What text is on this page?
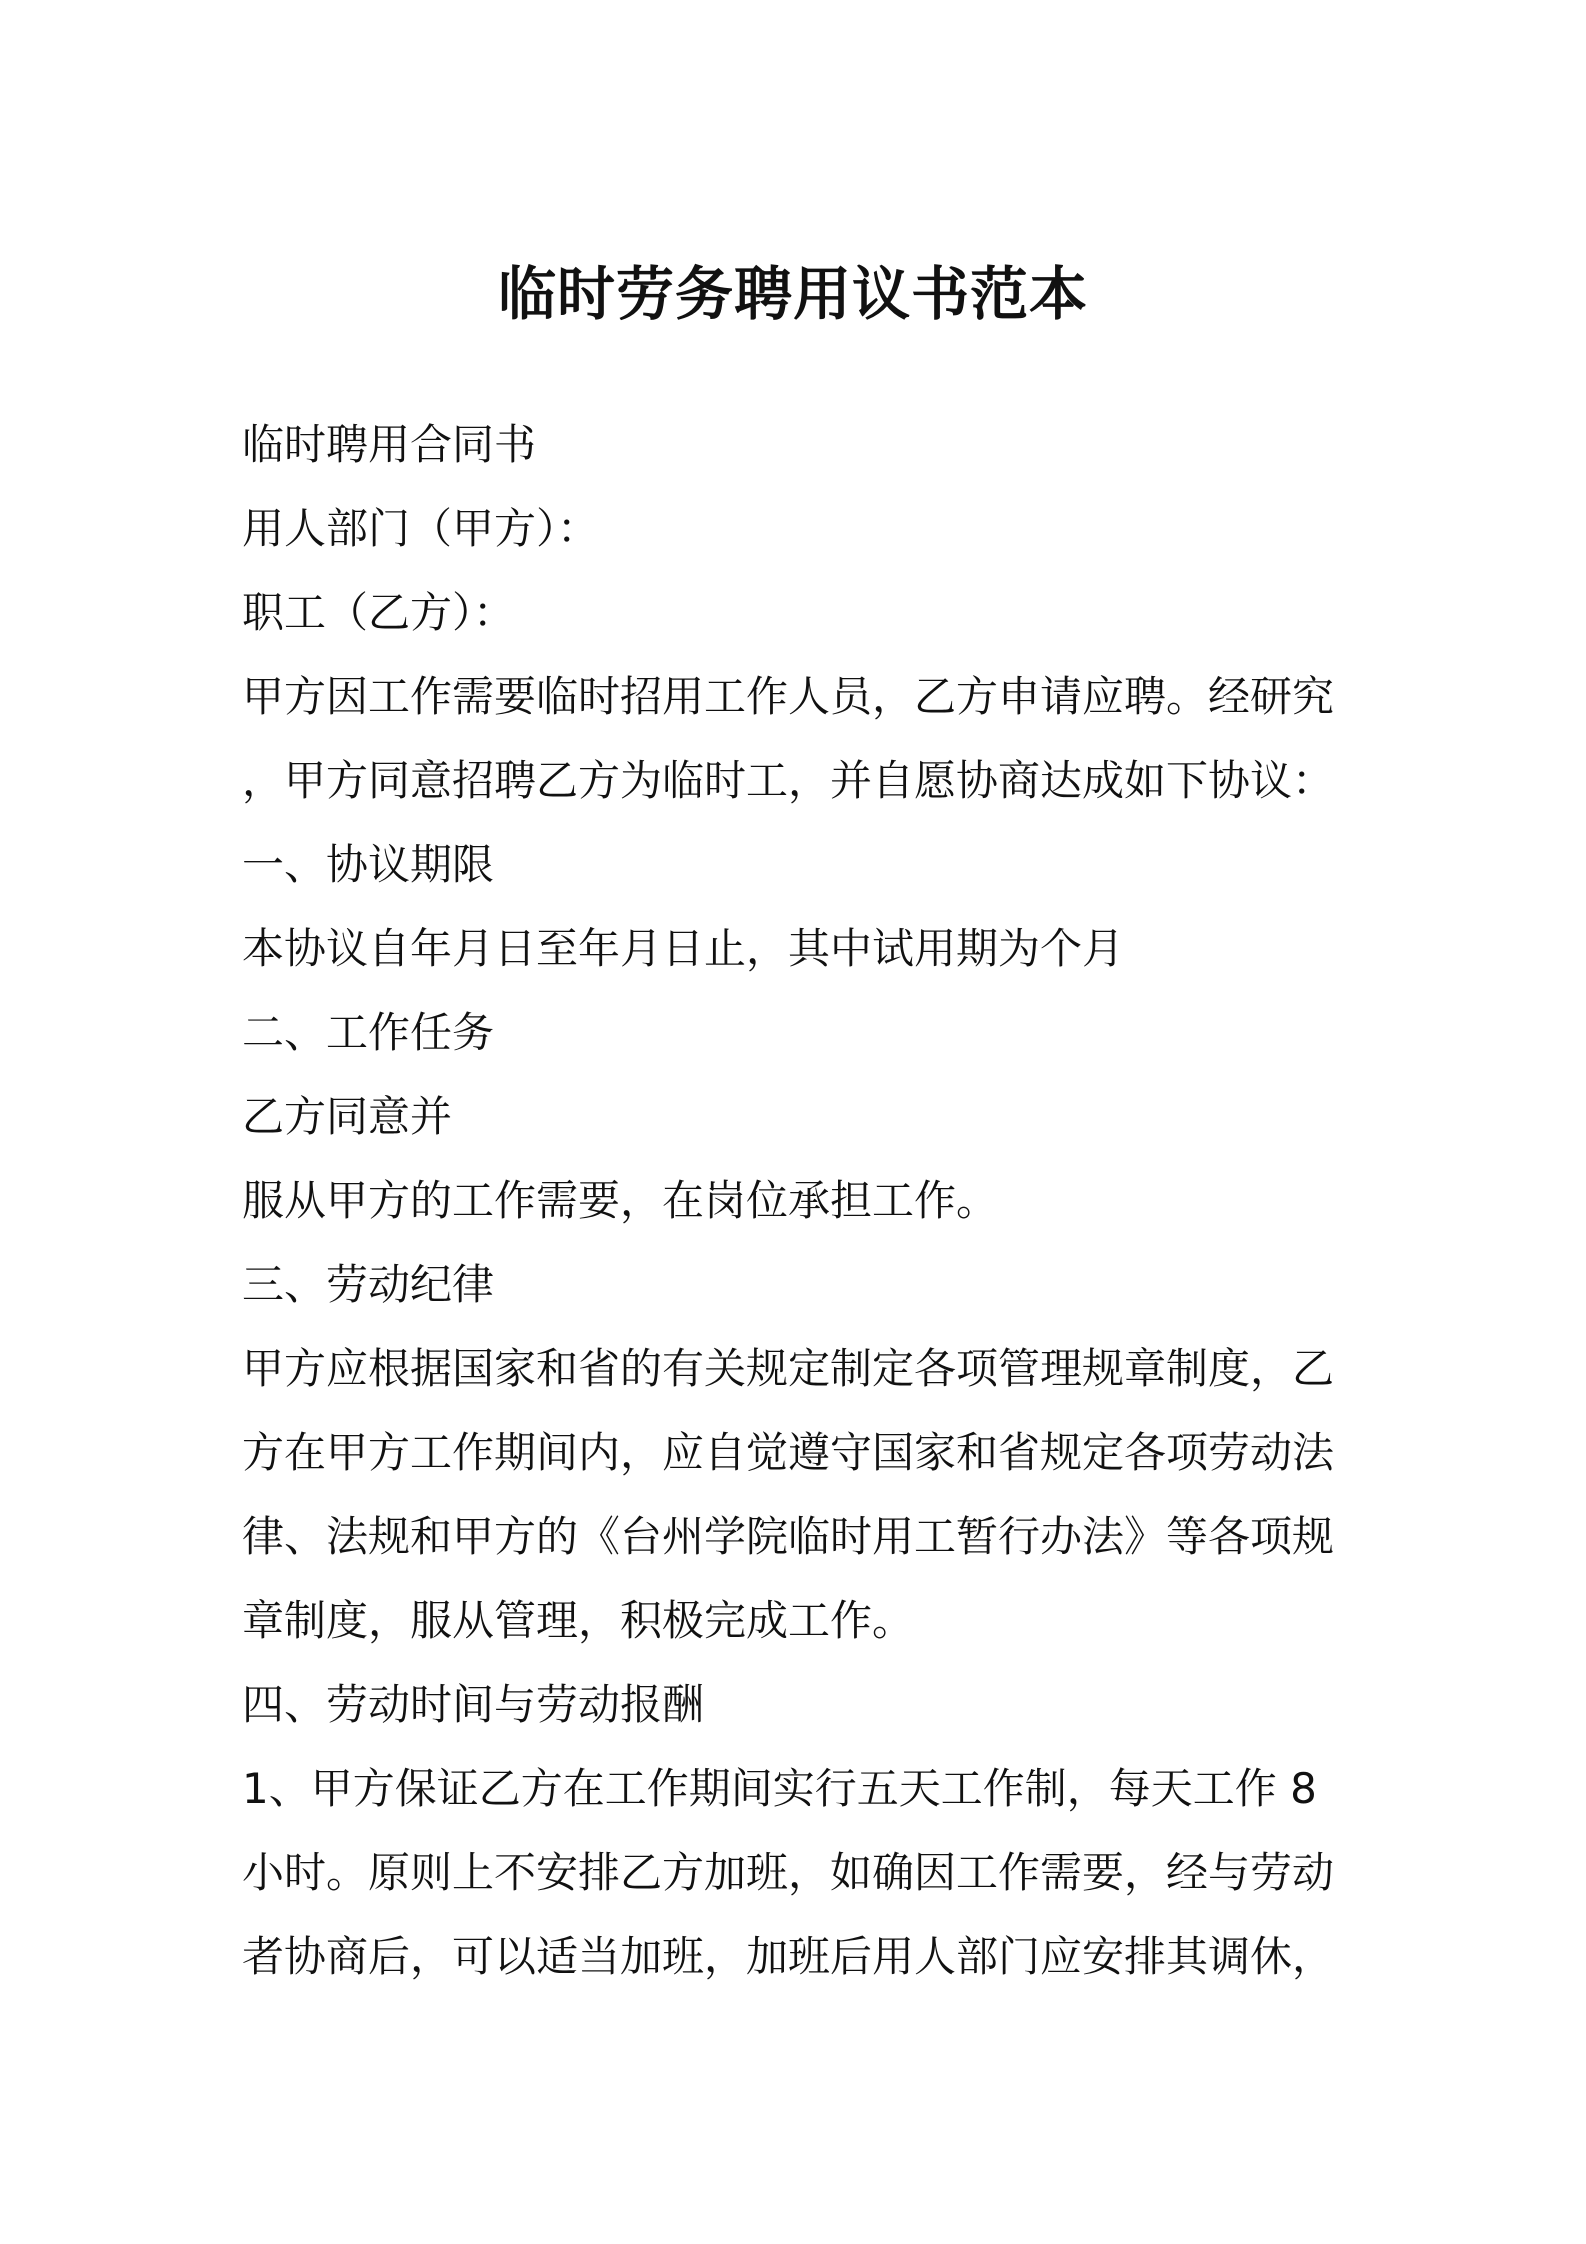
临时劳务聘用议书范本
临时聘用合同书
用人部门（甲方）：
职工（乙方）：
甲方因工作需要临时招用工作人员，乙方申请应聘。经研究
，甲方同意招聘乙方为临时工，并自愿协商达成如下协议：
一、协议期限
本协议自年月日至年月日止，其中试用期为个月
二、工作任务
乙方同意并
服从甲方的工作需要，在岗位承担工作。
三、劳动纪律
甲方应根据国家和省的有关规定制定各项管理规章制度，乙
方在甲方工作期间内，应自觉遵守国家和省规定各项劳动法
律、法规和甲方的《台州学院临时用工暂行办法》等各项规
章制度，服从管理，积极完成工作。
四、劳动时间与劳动报酬
1、甲方保证乙方在工作期间实行五天工作制，每天工作 8
小时。原则上不安排乙方加班，如确因工作需要，经与劳动
者协商后，可以适当加班，加班后用人部门应安排其调休，
